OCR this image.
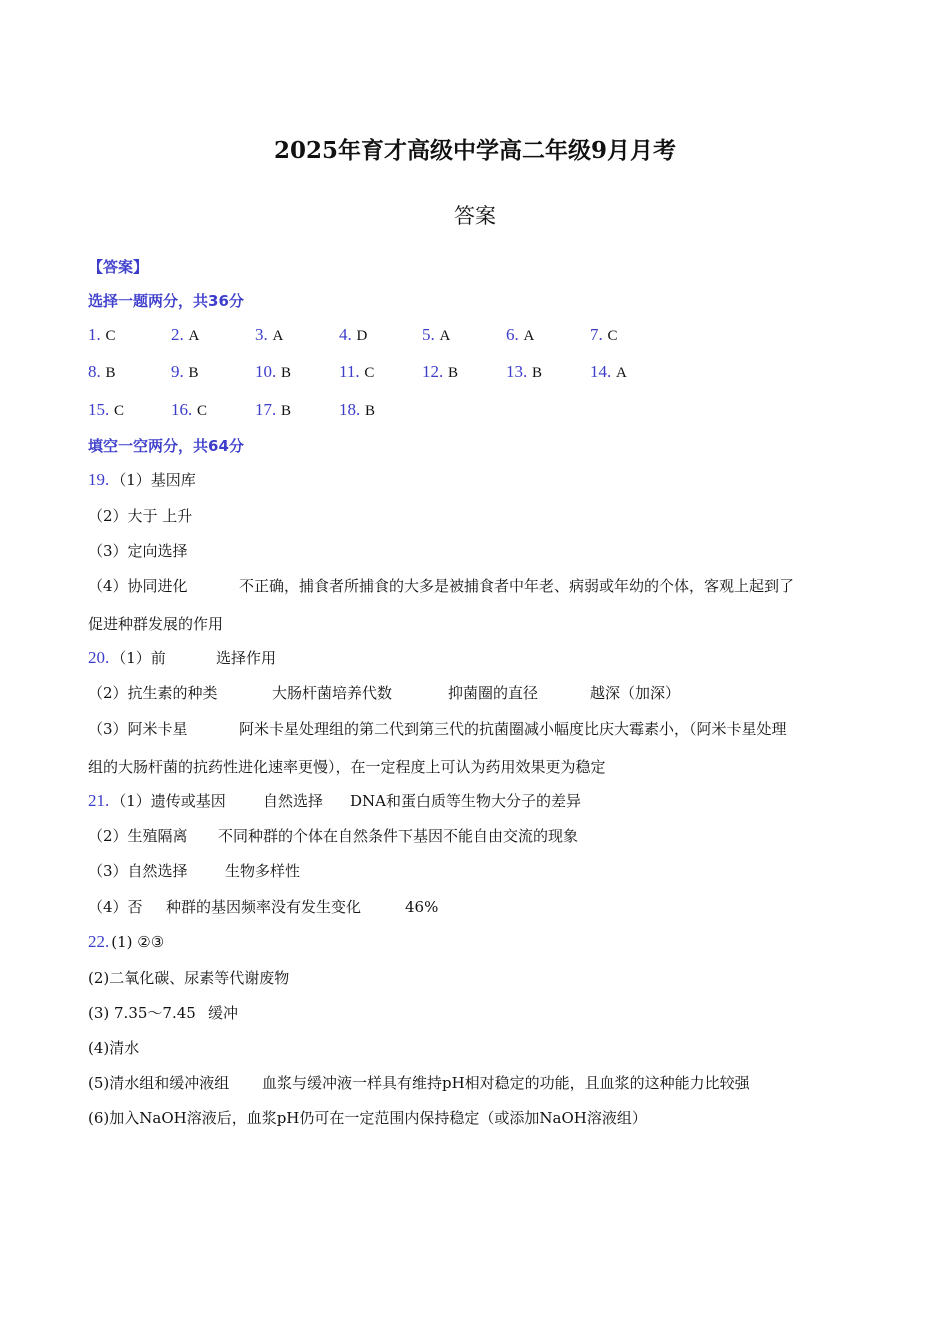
2025年育才高级中学高二年级9月月考
答案
【答案】
选择一题两分，共36分
1. C	2. A	3. A	4. D	5. A	6. A	7. C
8. B	9. B	10. B	11. C	12. B	13. B	14. A
15. C	16. C	17. B	18. B
填空一空两分，共64分
19. （1）基因库
（2）大于 上升
（3）定向选择
（4）协同进化	不正确，捕食者所捕食的大多是被捕食者中年老、病弱或年幼的个体，客观上起到了
促进种群发展的作用
20. （1）前	选择作用
（2）抗生素的种类	大肠杆菌培养代数	抑菌圈的直径	越深（加深）
（3）阿米卡星	阿米卡星处理组的第二代到第三代的抗菌圈减小幅度比庆大霉素小，（阿米卡星处理
组的大肠杆菌的抗药性进化速率更慢），在一定程度上可认为药用效果更为稳定
21. （1）遗传或基因 自然选择 DNA和蛋白质等生物大分子的差异
（2）生殖隔离 不同种群的个体在自然条件下基因不能自由交流的现象
（3）自然选择 生物多样性
（4）否 种群的基因频率没有发生变化	46%
22. (1) ②③
(2)二氧化碳、尿素等代谢废物
(3) 7.35～7.45 缓冲
(4)清水
(5)清水组和缓冲液组 血浆与缓冲液一样具有维持pH相对稳定的功能，且血浆的这种能力比较强
(6)加入NaOH溶液后，血浆pH仍可在一定范围内保持稳定（或添加NaOH溶液组）
